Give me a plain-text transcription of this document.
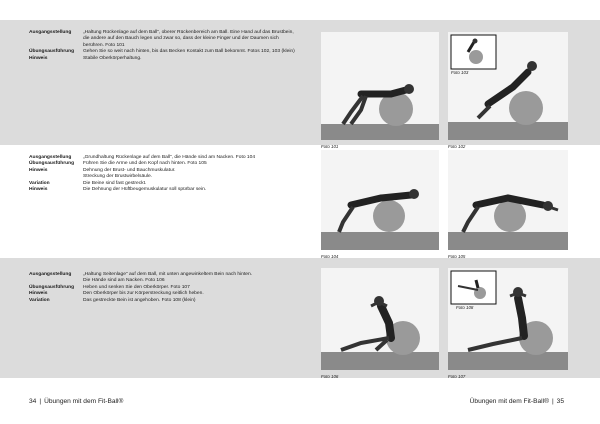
Ausgangsstellung	„Haltung Rückenlage auf dem Ball“, oberer Rückenbereich am Ball. Eine Hand auf das Brustbein, die andere auf den Bauch legen und zwar so, dass der kleine Finger und der Daumen sich berühren. Foto 101
Übungsausführung	Gehen Sie so weit nach hinten, bis das Becken Kontakt zum Ball bekommt. Fotos 102, 103 (klein)
Hinweis	Stabile Oberkörperhaltung.
Foto 101	Foto 102
Foto 103
Ausgangsstellung	„Grundhaltung Rückenlage auf dem Ball“, die Hände sind am Nacken. Foto 104
Übungsausführung	Führen Sie die Arme und den Kopf nach hinten. Foto 105
Hinweis	Dehnung der Brust- und Bauchmuskulatur.
Streckung der Brustwirbelsäule.
Variation	Die Beine sind fast gestreckt.
Hinweis	Die Dehnung der Hüftbeugemuskulatur soll spürbar sein.
Foto 104	Foto 105
Ausgangsstellung	„Haltung Seitenlage“ auf dem Ball, mit unten angewinkeltem Bein nach hinten.
Die Hände sind am Nacken. Foto 106
Übungsausführung	Heben und senken Sie den Oberkörper. Foto 107
Hinweis	Den Oberkörper bis zur Körperstreckung seitlich heben.
Variation	Das gestreckte Bein ist angehoben. Foto 108 (klein)
Foto 106	Foto 107
Foto 108
34 | Übungen mit dem Fit-Ball®	Übungen mit dem Fit-Ball® | 35
